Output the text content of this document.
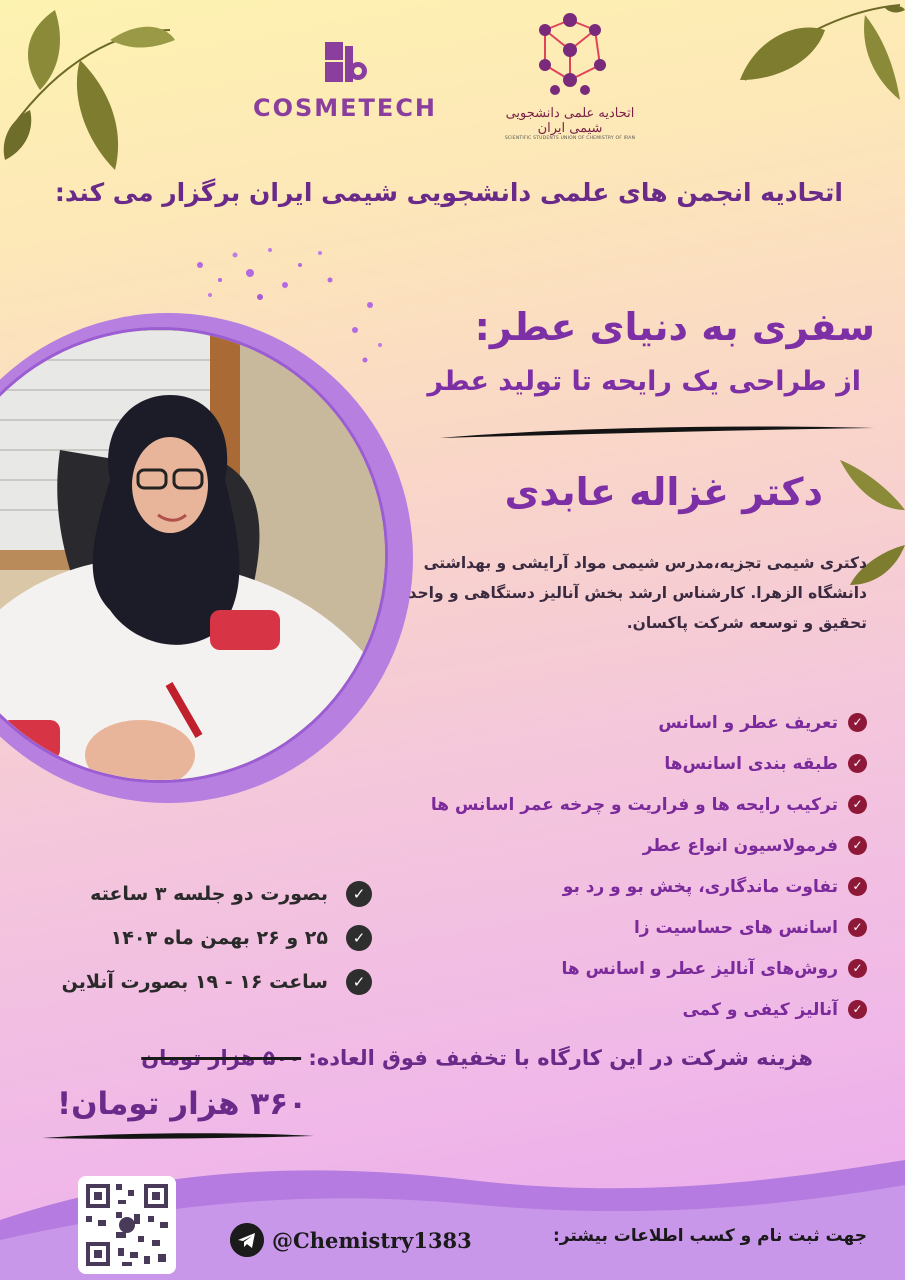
COSMETECH	اتحادیه علمی دانشجویی شیمی ایران
SCIENTIFIC STUDENTS UNION OF CHEMISTRY OF IRAN
اتحادیه انجمن های علمی دانشجویی شیمی ایران برگزار می کند:
سفری به دنیای عطر:
از طراحی یک رایحه تا تولید عطر
دکتر غزاله عابدی
دکتری شیمی تجزیه،مدرس شیمی مواد آرایشی و بهداشتی دانشگاه الزهرا. کارشناس ارشد بخش آنالیز دستگاهی و واحد تحقیق و توسعه شرکت پاکسان.
✓
تعریف عطر و اسانس
✓
طبقه بندی اسانس‌ها
✓
ترکیب رایحه ها و فراریت و چرخه عمر اسانس ها
✓
فرمولاسیون انواع عطر
✓
تفاوت ماندگاری، پخش بو و رد بو
✓
اسانس های حساسیت زا
✓
روش‌های آنالیز عطر و اسانس ها
✓
آنالیز کیفی و کمی
✓
بصورت دو جلسه ۳ ساعته
✓
۲۵ و ۲۶ بهمن ماه ۱۴۰۳
✓
ساعت ۱۶ - ۱۹ بصورت آنلاین
هزینه شرکت در این کارگاه با تخفیف فوق العاده: ۵۰۰ هزار تومان
۳۶۰ هزار تومان!
@Chemistry1383	جهت ثبت نام و کسب اطلاعات بیشتر:
